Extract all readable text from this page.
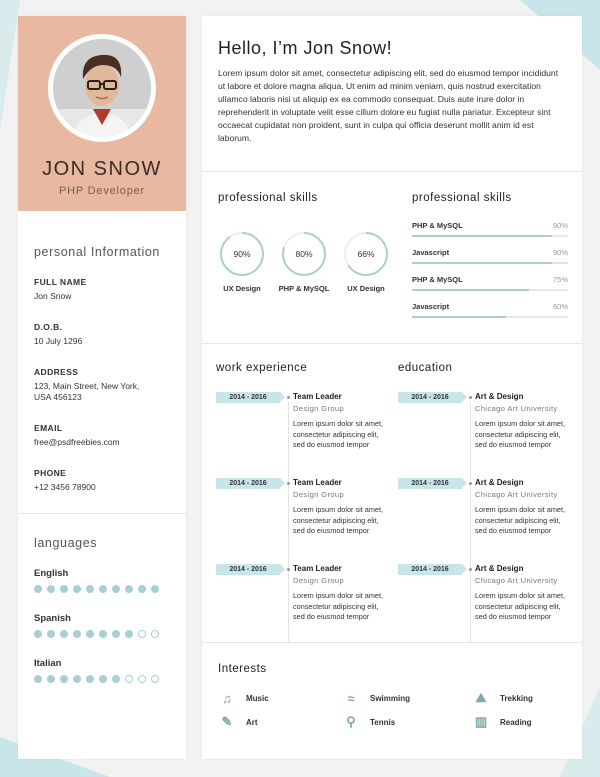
JON SNOW
PHP Developer
personal Information
FULL NAME
Jon Snow
D.O.B.
10 July 1296
ADDRESS
123, Main Street, New York,
USA 456123
EMAIL
free@psdfreebies.com
PHONE
+12 3456 78900
languages
English
Spanish
Italian
Hello, I’m Jon Snow!
Lorem ipsum dolor sit amet, consectetur adipiscing elit, sed do eiusmod tempor incididunt ut labore et dolore magna aliqua. Ut enim ad minim veniam, quis nostrud exercitation ullamco laboris nisi ut aliquip ex ea commodo consequat. Duis aute irure dolor in reprehenderit in voluptate velit esse cillum dolore eu fugiat nulla pariatur. Excepteur sint occaecat cupidatat non proident, sunt in culpa qui officia deserunt mollit anim id est laborum.
professional skills
90%
UX Design
80%
PHP & MySQL
66%
UX Design
professional skills
PHP & MySQL	90%
Javascript	90%
PHP & MySQL	75%
Javascript	60%
work experience
2014 - 2016	Team Leader
Design Group
Lorem ipsum dolor sit amet, consectetur adipiscing elit, sed do eiusmod tempor
2014 - 2016	Team Leader
Design Group
Lorem ipsum dolor sit amet, consectetur adipiscing elit, sed do eiusmod tempor
2014 - 2016	Team Leader
Design Group
Lorem ipsum dolor sit amet, consectetur adipiscing elit, sed do eiusmod tempor
education
2014 - 2016	Art & Design
Chicago Art University
Lorem ipsum dolor sit amet, consectetur adipiscing elit, sed do eiusmod tempor
2014 - 2016	Art & Design
Chicago Art University
Lorem ipsum dolor sit amet, consectetur adipiscing elit, sed do eiusmod tempor
2014 - 2016	Art & Design
Chicago Art University
Lorem ipsum dolor sit amet, consectetur adipiscing elit, sed do eiusmod tempor
Interests
♫	Music	≈	Swimming	⛰	Trekking
✎	Art	⚲	Tennis	▥	Reading
